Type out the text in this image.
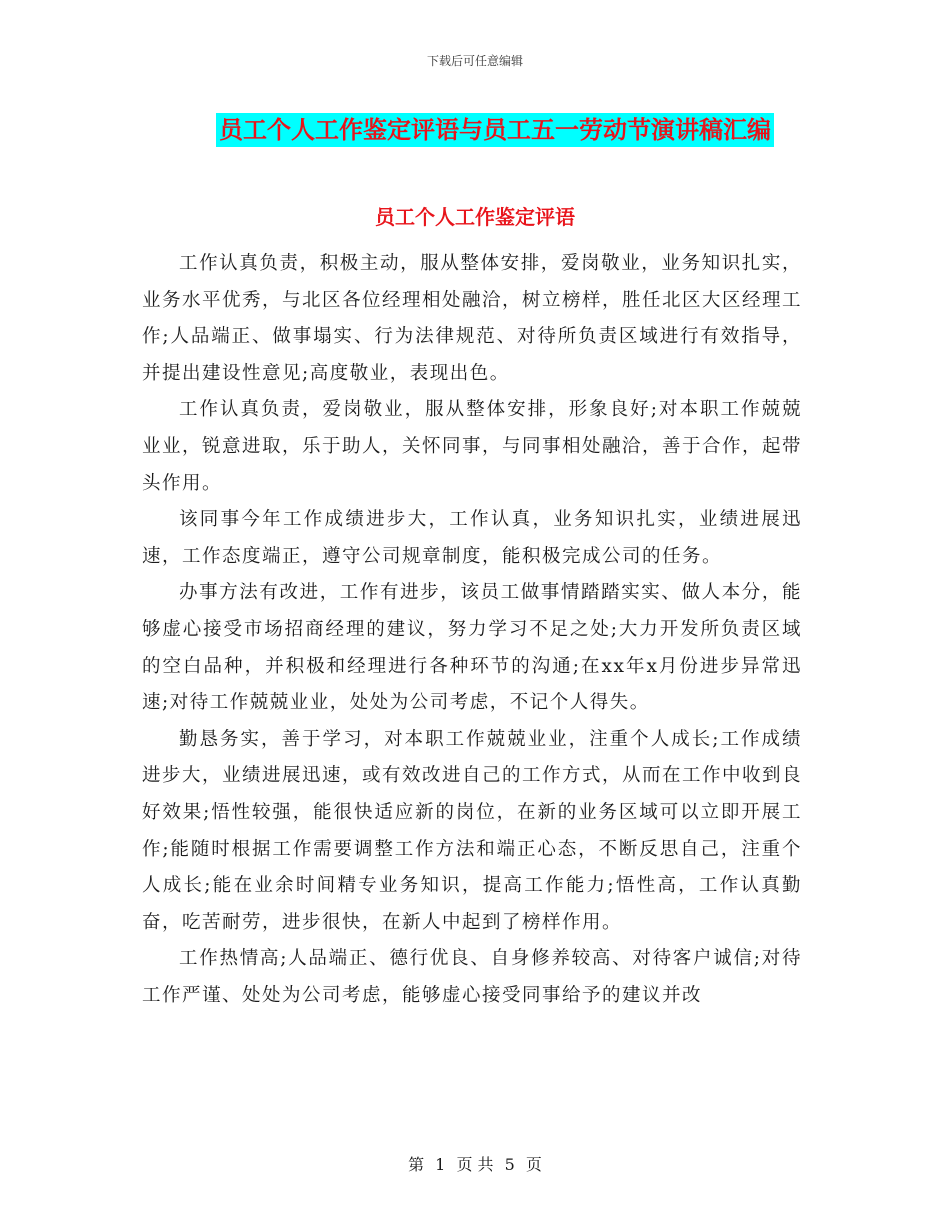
下载后可任意编辑
员工个人工作鉴定评语与员工五一劳动节演讲稿汇编
员工个人工作鉴定评语

工作认真负责，积极主动，服从整体安排，爱岗敬业，业务知识扎实，业务水平优秀，与北区各位经理相处融洽，树立榜样，胜任北区大区经理工作;人品端正、做事塌实、行为法律规范、对待所负责区域进行有效指导，并提出建设性意见;高度敬业，表现出色。

工作认真负责，爱岗敬业，服从整体安排，形象良好;对本职工作兢兢业业，锐意进取，乐于助人，关怀同事，与同事相处融洽，善于合作，起带头作用。

该同事今年工作成绩进步大，工作认真，业务知识扎实，业绩进展迅速，工作态度端正，遵守公司规章制度，能积极完成公司的任务。

办事方法有改进，工作有进步，该员工做事情踏踏实实、做人本分，能够虚心接受市场招商经理的建议，努力学习不足之处;大力开发所负责区域的空白品种，并积极和经理进行各种环节的沟通;在xx年x月份进步异常迅速;对待工作兢兢业业，处处为公司考虑，不记个人得失。

勤恳务实，善于学习，对本职工作兢兢业业，注重个人成长;工作成绩进步大，业绩进展迅速，或有效改进自己的工作方式，从而在工作中收到良好效果;悟性较强，能很快适应新的岗位，在新的业务区域可以立即开展工作;能随时根据工作需要调整工作方法和端正心态，不断反思自己，注重个人成长;能在业余时间精专业务知识，提高工作能力;悟性高，工作认真勤奋，吃苦耐劳，进步很快，在新人中起到了榜样作用。

工作热情高;人品端正、德行优良、自身修养较高、对待客户诚信;对待工作严谨、处处为公司考虑，能够虚心接受同事给予的建议并改

第 1 页 共 5 页
